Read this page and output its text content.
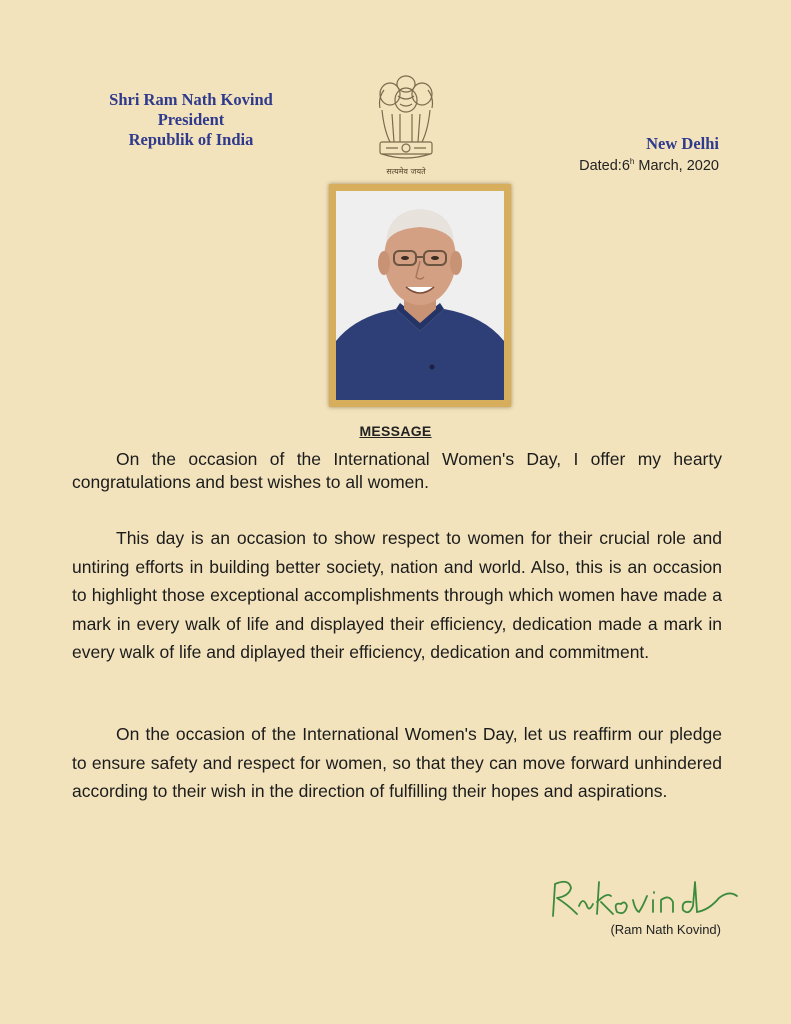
Shri Ram Nath Kovind
President
Republik of India
सत्यमेव जयते
New Delhi
Dated:6$^h$ March, 2020
MESSAGE
On the occasion of the International Women's Day, I offer my hearty congratulations and best wishes to all women.
This day is an occasion to show respect to women for their crucial role and untiring efforts in building better society, nation and world. Also, this is an occasion to highlight those exceptional accomplishments through which women have made a mark in every walk of life and displayed their efficiency, dedication made a mark in every walk of life and diplayed their efficiency, dedication and commitment.
On the occasion of the International Women's Day, let us reaffirm our pledge to ensure safety and respect for women, so that they can move forward unhindered according to their wish in the direction of fulfilling their hopes and aspirations.
(Ram Nath Kovind)
